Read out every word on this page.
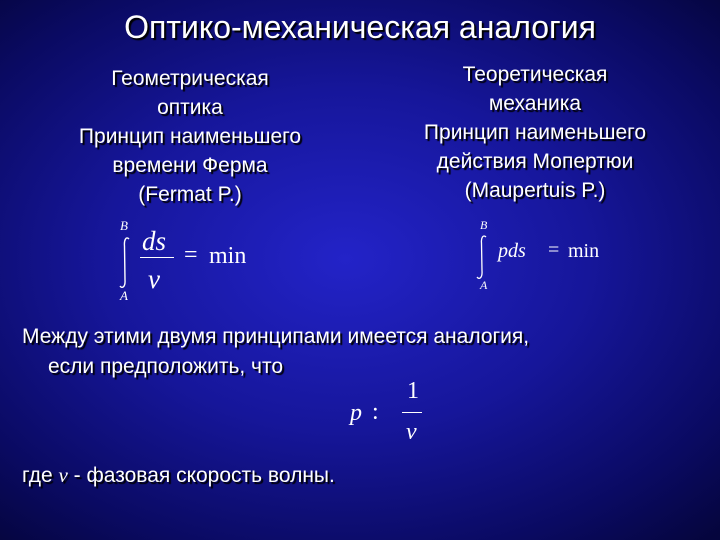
Оптико-механическая аналогия
Геометрическая
оптика
Принцип наименьшего
времени Ферма
(Fermat P.)
Теоретическая
механика
Принцип наименьшего
действия Мопертюи
(Maupertuis P.)
B
A
ds
v
= min
B
A
pds = min
Между этими двумя принципами имеется аналогия,
если предположить, что
p :
1
v
где v - фазовая скорость волны.
